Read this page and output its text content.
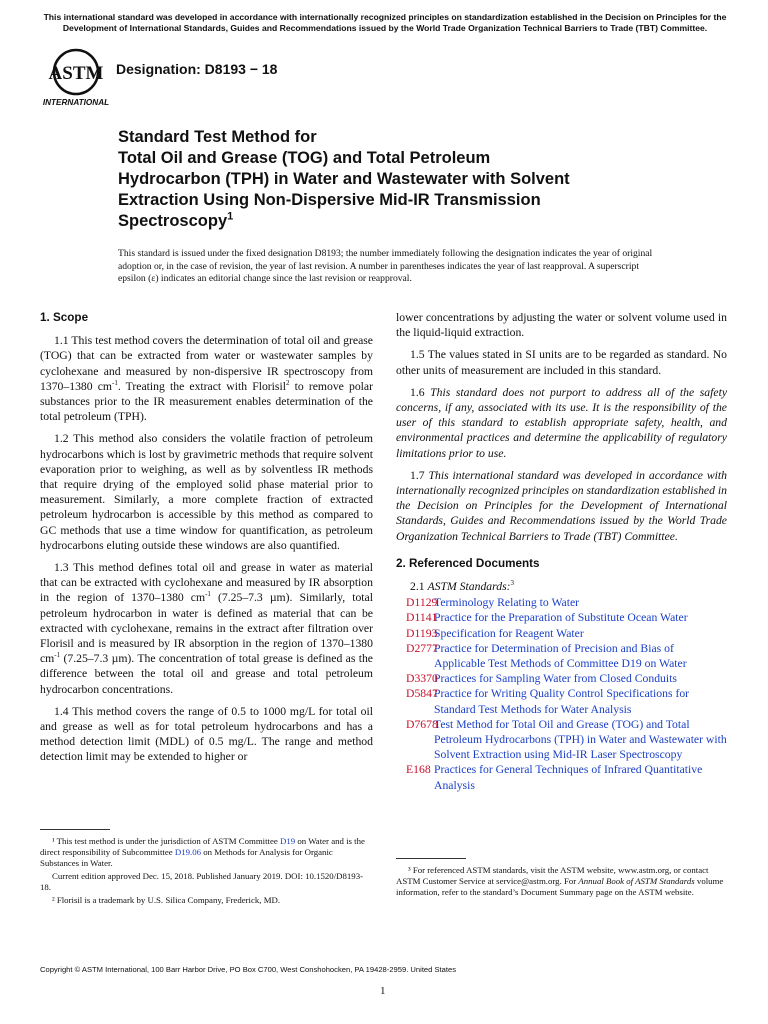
This international standard was developed in accordance with internationally recognized principles on standardization established in the Decision on Principles for the Development of International Standards, Guides and Recommendations issued by the World Trade Organization Technical Barriers to Trade (TBT) Committee.
ASTM
INTERNATIONAL
Designation: D8193 − 18
Standard Test Method for
Total Oil and Grease (TOG) and Total Petroleum
Hydrocarbon (TPH) in Water and Wastewater with Solvent
Extraction Using Non-Dispersive Mid-IR Transmission
Spectroscopy$^1$
This standard is issued under the fixed designation D8193; the number immediately following the designation indicates the year of original adoption or, in the case of revision, the year of last revision. A number in parentheses indicates the year of last reapproval. A superscript epsilon (ε) indicates an editorial change since the last revision or reapproval.
1. Scope

1.1 This test method covers the determination of total oil and grease (TOG) that can be extracted from water or wastewater samples by cyclohexane and measured by non-dispersive IR spectroscopy from 1370–1380 $cm^{-1}$. Treating the extract with Florisil$^2$ to remove polar substances prior to the IR measurement enables determination of the total petroleum (TPH).

1.2 This method also considers the volatile fraction of petroleum hydrocarbons which is lost by gravimetric methods that require solvent evaporation prior to weighing, as well as by solventless IR methods that require drying of the employed solid phase material prior to measurement. Similarly, a more complete fraction of extracted petroleum hydrocarbon is accessible by this method as compared to GC methods that use a time window for quantification, as petroleum hydrocarbons eluting outside these windows are also quantified.

1.3 This method defines total oil and grease in water as material that can be extracted with cyclohexane and measured by IR absorption in the region of 1370–1380 $cm^{-1}$ (7.25–7.3 µm). Similarly, total petroleum hydrocarbon in water is defined as material that can be extracted with cyclohexane, remains in the extract after filtration over Florisil and is measured by IR absorption in the region of 1370–1380 $cm^{-1}$ (7.25–7.3 µm). The concentration of total grease is defined as the difference between the total oil and grease and total petroleum hydrocarbon concentrations.

1.4 This method covers the range of 0.5 to 1000 mg/L for total oil and grease as well as for total petroleum hydrocarbons and has a method detection limit (MDL) of 0.5 mg/L. The range and method detection limit may be extended to higher or

¹ This test method is under the jurisdiction of ASTM Committee D19 on Water and is the direct responsibility of Subcommittee D19.06 on Methods for Analysis for Organic Substances in Water.

Current edition approved Dec. 15, 2018. Published January 2019. DOI: 10.1520/D8193-18.

² Florisil is a trademark by U.S. Silica Company, Frederick, MD.

lower concentrations by adjusting the water or solvent volume used in the liquid-liquid extraction.

1.5 The values stated in SI units are to be regarded as standard. No other units of measurement are included in this standard.

1.6 This standard does not purport to address all of the safety concerns, if any, associated with its use. It is the responsibility of the user of this standard to establish appropriate safety, health, and environmental practices and determine the applicability of regulatory limitations prior to use.

1.7 This international standard was developed in accordance with internationally recognized principles on standardization established in the Decision on Principles for the Development of International Standards, Guides and Recommendations issued by the World Trade Organization Technical Barriers to Trade (TBT) Committee.

2. Referenced Documents

2.1 ASTM Standards:$^3$

D1129
Terminology Relating to Water
D1141
Practice for the Preparation of Substitute Ocean Water
D1193
Specification for Reagent Water
D2777
Practice for Determination of Precision and Bias of Applicable Test Methods of Committee D19 on Water
D3370
Practices for Sampling Water from Closed Conduits
D5847
Practice for Writing Quality Control Specifications for Standard Test Methods for Water Analysis
D7678
Test Method for Total Oil and Grease (TOG) and Total Petroleum Hydrocarbons (TPH) in Water and Wastewater with Solvent Extraction using Mid-IR Laser Spectroscopy
E168 Practices for General Techniques of Infrared Quantitative Analysis

³ For referenced ASTM standards, visit the ASTM website, www.astm.org, or contact ASTM Customer Service at service@astm.org. For Annual Book of ASTM Standards volume information, refer to the standard’s Document Summary page on the ASTM website.

Copyright © ASTM International, 100 Barr Harbor Drive, PO Box C700, West Conshohocken, PA 19428-2959. United States
1
